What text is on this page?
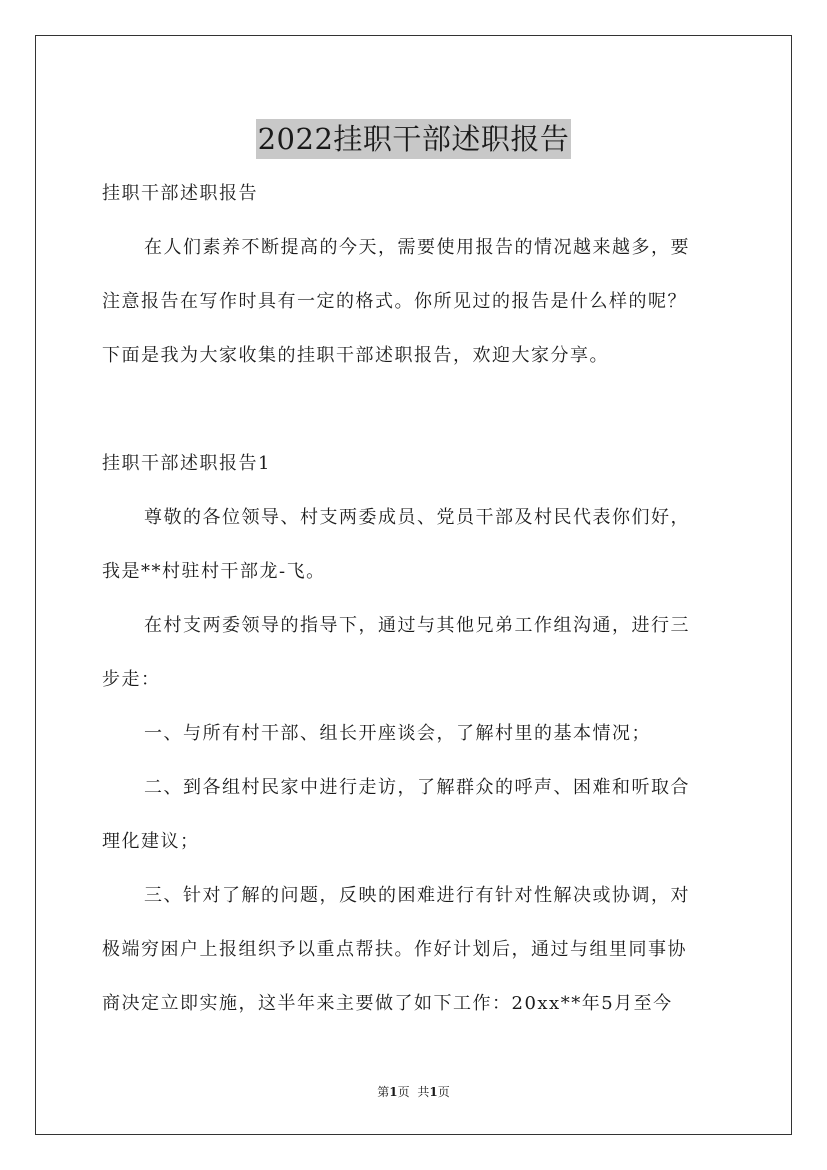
2022挂职干部述职报告
挂职干部述职报告
在人们素养不断提高的今天，需要使用报告的情况越来越多，要
注意报告在写作时具有一定的格式。你所见过的报告是什么样的呢？
下面是我为大家收集的挂职干部述职报告，欢迎大家分享。
挂职干部述职报告1
尊敬的各位领导、村支两委成员、党员干部及村民代表你们好，
我是**村驻村干部龙-飞。
在村支两委领导的指导下，通过与其他兄弟工作组沟通，进行三
步走：
一、与所有村干部、组长开座谈会，了解村里的基本情况；
二、到各组村民家中进行走访，了解群众的呼声、困难和听取合
理化建议；
三、针对了解的问题，反映的困难进行有针对性解决或协调，对
极端穷困户上报组织予以重点帮扶。作好计划后，通过与组里同事协
商决定立即实施，这半年来主要做了如下工作：20xx**年5月至今
第1页 共1页
